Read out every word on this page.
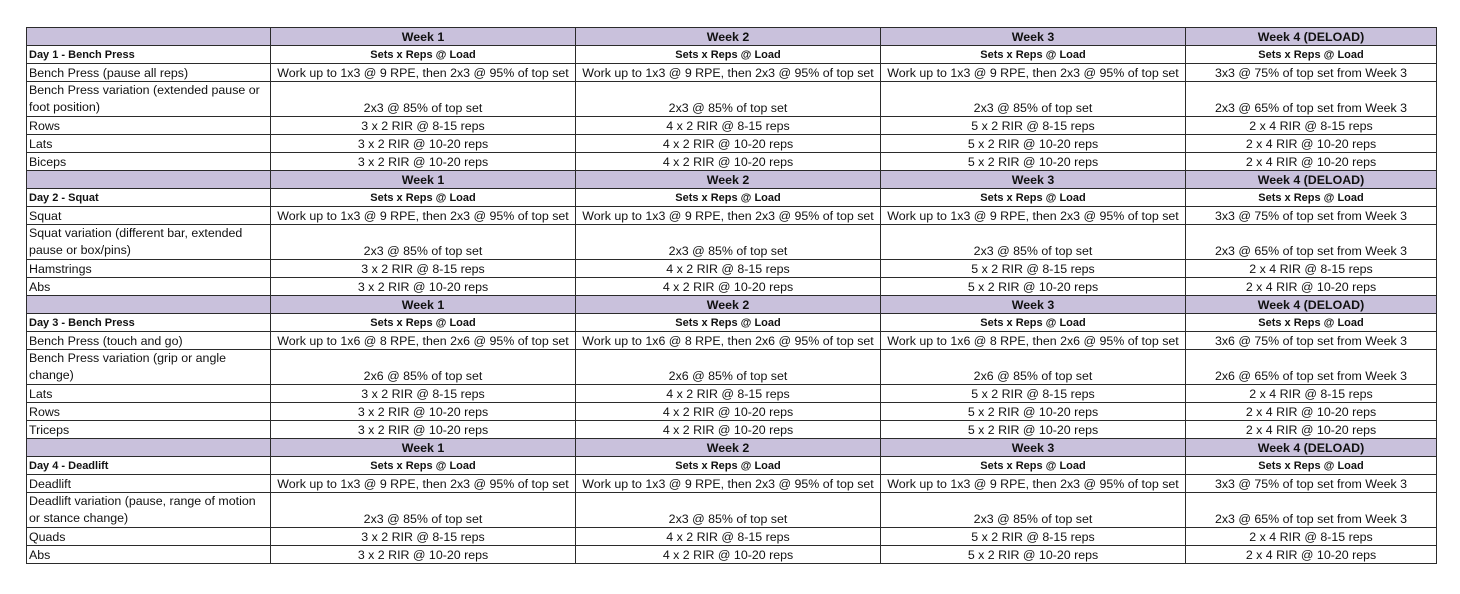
	Week 1	Week 2	Week 3	Week 4 (DELOAD)
Day 1 - Bench Press	Sets x Reps @ Load	Sets x Reps @ Load	Sets x Reps @ Load	Sets x Reps @ Load
Bench Press (pause all reps)	Work up to 1x3 @ 9 RPE, then 2x3 @ 95% of top set	Work up to 1x3 @ 9 RPE, then 2x3 @ 95% of top set	Work up to 1x3 @ 9 RPE, then 2x3 @ 95% of top set	3x3 @ 75% of top set from Week 3
Bench Press variation (extended pause or foot position)	2x3 @ 85% of top set	2x3 @ 85% of top set	2x3 @ 85% of top set	2x3 @ 65% of top set from Week 3
Rows	3 x 2 RIR @ 8-15 reps	4 x 2 RIR @ 8-15 reps	5 x 2 RIR @ 8-15 reps	2 x 4 RIR @ 8-15 reps
Lats	3 x 2 RIR @ 10-20 reps	4 x 2 RIR @ 10-20 reps	5 x 2 RIR @ 10-20 reps	2 x 4 RIR @ 10-20 reps
Biceps	3 x 2 RIR @ 10-20 reps	4 x 2 RIR @ 10-20 reps	5 x 2 RIR @ 10-20 reps	2 x 4 RIR @ 10-20 reps
	Week 1	Week 2	Week 3	Week 4 (DELOAD)
Day 2 - Squat	Sets x Reps @ Load	Sets x Reps @ Load	Sets x Reps @ Load	Sets x Reps @ Load
Squat	Work up to 1x3 @ 9 RPE, then 2x3 @ 95% of top set	Work up to 1x3 @ 9 RPE, then 2x3 @ 95% of top set	Work up to 1x3 @ 9 RPE, then 2x3 @ 95% of top set	3x3 @ 75% of top set from Week 3
Squat variation (different bar, extended pause or box/pins)	2x3 @ 85% of top set	2x3 @ 85% of top set	2x3 @ 85% of top set	2x3 @ 65% of top set from Week 3
Hamstrings	3 x 2 RIR @ 8-15 reps	4 x 2 RIR @ 8-15 reps	5 x 2 RIR @ 8-15 reps	2 x 4 RIR @ 8-15 reps
Abs	3 x 2 RIR @ 10-20 reps	4 x 2 RIR @ 10-20 reps	5 x 2 RIR @ 10-20 reps	2 x 4 RIR @ 10-20 reps
	Week 1	Week 2	Week 3	Week 4 (DELOAD)
Day 3 - Bench Press	Sets x Reps @ Load	Sets x Reps @ Load	Sets x Reps @ Load	Sets x Reps @ Load
Bench Press (touch and go)	Work up to 1x6 @ 8 RPE, then 2x6 @ 95% of top set	Work up to 1x6 @ 8 RPE, then 2x6 @ 95% of top set	Work up to 1x6 @ 8 RPE, then 2x6 @ 95% of top set	3x6 @ 75% of top set from Week 3
Bench Press variation (grip or angle change)	2x6 @ 85% of top set	2x6 @ 85% of top set	2x6 @ 85% of top set	2x6 @ 65% of top set from Week 3
Lats	3 x 2 RIR @ 8-15 reps	4 x 2 RIR @ 8-15 reps	5 x 2 RIR @ 8-15 reps	2 x 4 RIR @ 8-15 reps
Rows	3 x 2 RIR @ 10-20 reps	4 x 2 RIR @ 10-20 reps	5 x 2 RIR @ 10-20 reps	2 x 4 RIR @ 10-20 reps
Triceps	3 x 2 RIR @ 10-20 reps	4 x 2 RIR @ 10-20 reps	5 x 2 RIR @ 10-20 reps	2 x 4 RIR @ 10-20 reps
	Week 1	Week 2	Week 3	Week 4 (DELOAD)
Day 4 - Deadlift	Sets x Reps @ Load	Sets x Reps @ Load	Sets x Reps @ Load	Sets x Reps @ Load
Deadlift	Work up to 1x3 @ 9 RPE, then 2x3 @ 95% of top set	Work up to 1x3 @ 9 RPE, then 2x3 @ 95% of top set	Work up to 1x3 @ 9 RPE, then 2x3 @ 95% of top set	3x3 @ 75% of top set from Week 3
Deadlift variation (pause, range of motion or stance change)	2x3 @ 85% of top set	2x3 @ 85% of top set	2x3 @ 85% of top set	2x3 @ 65% of top set from Week 3
Quads	3 x 2 RIR @ 8-15 reps	4 x 2 RIR @ 8-15 reps	5 x 2 RIR @ 8-15 reps	2 x 4 RIR @ 8-15 reps
Abs	3 x 2 RIR @ 10-20 reps	4 x 2 RIR @ 10-20 reps	5 x 2 RIR @ 10-20 reps	2 x 4 RIR @ 10-20 reps
